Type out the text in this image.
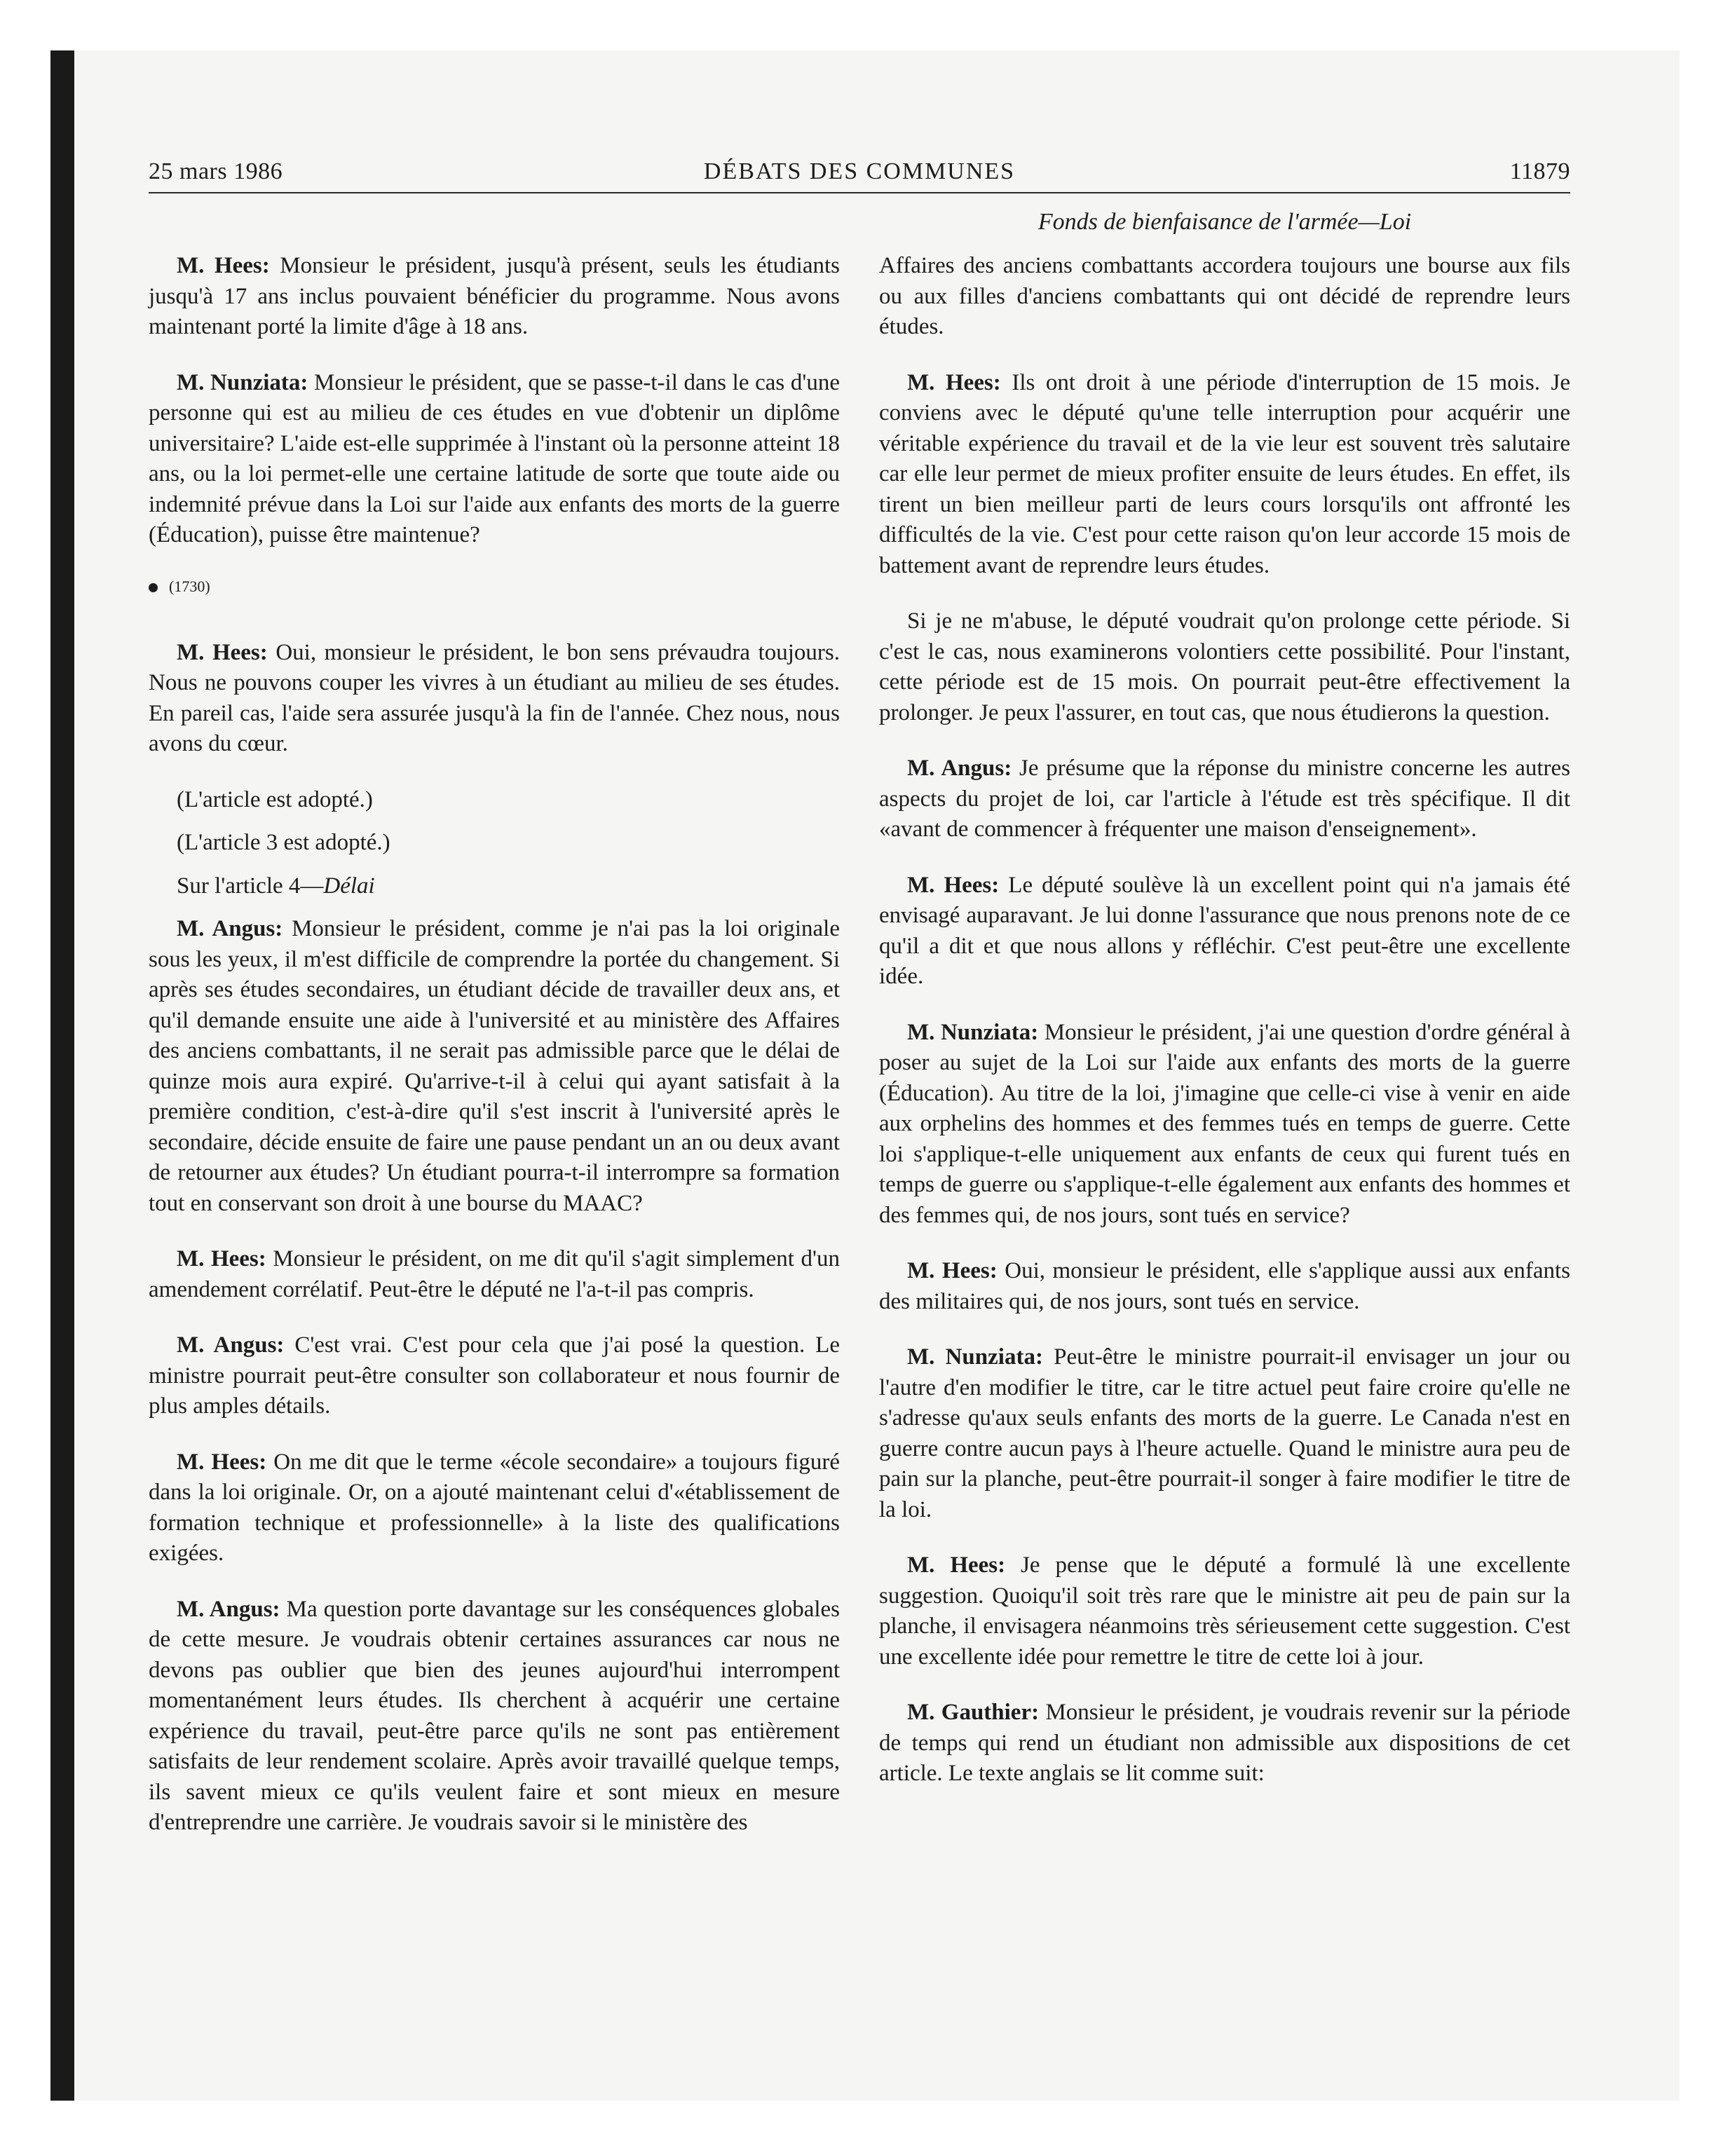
25 mars 1986	DÉBATS DES COMMUNES	11879
Fonds de bienfaisance de l'armée—Loi

M. Hees: Monsieur le président, jusqu'à présent, seuls les étudiants jusqu'à 17 ans inclus pouvaient bénéficier du programme. Nous avons maintenant porté la limite d'âge à 18 ans.

M. Nunziata: Monsieur le président, que se passe-t-il dans le cas d'une personne qui est au milieu de ces études en vue d'obtenir un diplôme universitaire? L'aide est-elle supprimée à l'instant où la personne atteint 18 ans, ou la loi permet-elle une certaine latitude de sorte que toute aide ou indemnité prévue dans la Loi sur l'aide aux enfants des morts de la guerre (Éducation), puisse être maintenue?

(1730)

M. Hees: Oui, monsieur le président, le bon sens prévaudra toujours. Nous ne pouvons couper les vivres à un étudiant au milieu de ses études. En pareil cas, l'aide sera assurée jusqu'à la fin de l'année. Chez nous, nous avons du cœur.

(L'article est adopté.)

(L'article 3 est adopté.)

Sur l'article 4—Délai

M. Angus: Monsieur le président, comme je n'ai pas la loi originale sous les yeux, il m'est difficile de comprendre la portée du changement. Si après ses études secondaires, un étudiant décide de travailler deux ans, et qu'il demande ensuite une aide à l'université et au ministère des Affaires des anciens combattants, il ne serait pas admissible parce que le délai de quinze mois aura expiré. Qu'arrive-t-il à celui qui ayant satisfait à la première condition, c'est-à-dire qu'il s'est inscrit à l'université après le secondaire, décide ensuite de faire une pause pendant un an ou deux avant de retourner aux études? Un étudiant pourra-t-il interrompre sa formation tout en conservant son droit à une bourse du MAAC?

M. Hees: Monsieur le président, on me dit qu'il s'agit simplement d'un amendement corrélatif. Peut-être le député ne l'a-t-il pas compris.

M. Angus: C'est vrai. C'est pour cela que j'ai posé la question. Le ministre pourrait peut-être consulter son collaborateur et nous fournir de plus amples détails.

M. Hees: On me dit que le terme «école secondaire» a toujours figuré dans la loi originale. Or, on a ajouté maintenant celui d'«établissement de formation technique et professionnelle» à la liste des qualifications exigées.

M. Angus: Ma question porte davantage sur les conséquences globales de cette mesure. Je voudrais obtenir certaines assurances car nous ne devons pas oublier que bien des jeunes aujourd'hui interrompent momentanément leurs études. Ils cherchent à acquérir une certaine expérience du travail, peut-être parce qu'ils ne sont pas entièrement satisfaits de leur rendement scolaire. Après avoir travaillé quelque temps, ils savent mieux ce qu'ils veulent faire et sont mieux en mesure d'entreprendre une carrière. Je voudrais savoir si le ministère des

Affaires des anciens combattants accordera toujours une bourse aux fils ou aux filles d'anciens combattants qui ont décidé de reprendre leurs études.

M. Hees: Ils ont droit à une période d'interruption de 15 mois. Je conviens avec le député qu'une telle interruption pour acquérir une véritable expérience du travail et de la vie leur est souvent très salutaire car elle leur permet de mieux profiter ensuite de leurs études. En effet, ils tirent un bien meilleur parti de leurs cours lorsqu'ils ont affronté les difficultés de la vie. C'est pour cette raison qu'on leur accorde 15 mois de battement avant de reprendre leurs études.

Si je ne m'abuse, le député voudrait qu'on prolonge cette période. Si c'est le cas, nous examinerons volontiers cette possibilité. Pour l'instant, cette période est de 15 mois. On pourrait peut-être effectivement la prolonger. Je peux l'assurer, en tout cas, que nous étudierons la question.

M. Angus: Je présume que la réponse du ministre concerne les autres aspects du projet de loi, car l'article à l'étude est très spécifique. Il dit «avant de commencer à fréquenter une maison d'enseignement».

M. Hees: Le député soulève là un excellent point qui n'a jamais été envisagé auparavant. Je lui donne l'assurance que nous prenons note de ce qu'il a dit et que nous allons y réfléchir. C'est peut-être une excellente idée.

M. Nunziata: Monsieur le président, j'ai une question d'ordre général à poser au sujet de la Loi sur l'aide aux enfants des morts de la guerre (Éducation). Au titre de la loi, j'imagine que celle-ci vise à venir en aide aux orphelins des hommes et des femmes tués en temps de guerre. Cette loi s'applique-t-elle uniquement aux enfants de ceux qui furent tués en temps de guerre ou s'applique-t-elle également aux enfants des hommes et des femmes qui, de nos jours, sont tués en service?

M. Hees: Oui, monsieur le président, elle s'applique aussi aux enfants des militaires qui, de nos jours, sont tués en service.

M. Nunziata: Peut-être le ministre pourrait-il envisager un jour ou l'autre d'en modifier le titre, car le titre actuel peut faire croire qu'elle ne s'adresse qu'aux seuls enfants des morts de la guerre. Le Canada n'est en guerre contre aucun pays à l'heure actuelle. Quand le ministre aura peu de pain sur la planche, peut-être pourrait-il songer à faire modifier le titre de la loi.

M. Hees: Je pense que le député a formulé là une excellente suggestion. Quoiqu'il soit très rare que le ministre ait peu de pain sur la planche, il envisagera néanmoins très sérieusement cette suggestion. C'est une excellente idée pour remettre le titre de cette loi à jour.

M. Gauthier: Monsieur le président, je voudrais revenir sur la période de temps qui rend un étudiant non admissible aux dispositions de cet article. Le texte anglais se lit comme suit:
